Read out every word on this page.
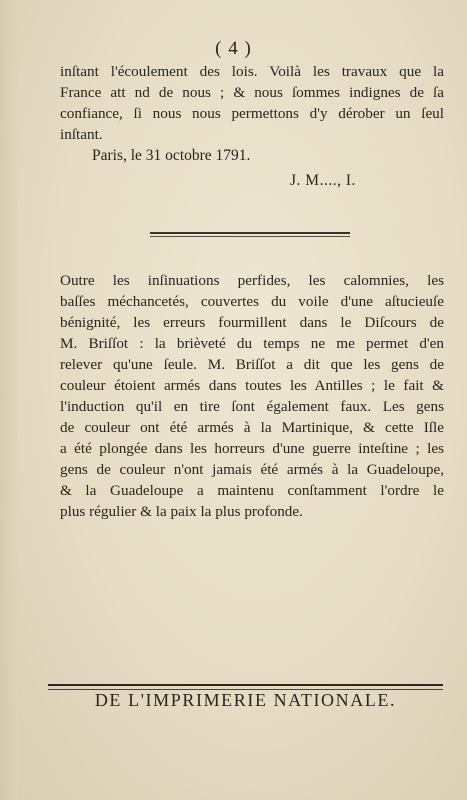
( 4 )

inſtant l'écoulement des lois. Voilà les travaux que la
France att nd de nous ; & nous ſommes indignes de ſa
confiance, ſi nous nous permettons d'y dérober un ſeul
inſtant.

Paris, le 31 octobre 1791.
J. M...., I.

Outre les inſinuations perfides, les calomnies, les
baſſes méchancetés, couvertes du voile d'une aſtucieuſe
bénignité, les erreurs fourmillent dans le Diſcours de
M. Briſſot : la brièveté du temps ne me permet d'en
relever qu'une ſeule. M. Briſſot a dit que les gens de
couleur étoient armés dans toutes les Antilles ; le fait &
l'induction qu'il en tire ſont également faux. Les gens
de couleur ont été armés à la Martinique, & cette Iſle
a été plongée dans les horreurs d'une guerre inteſtine ; les
gens de couleur n'ont jamais été armés à la Guadeloupe,
& la Guadeloupe a maintenu conſtamment l'ordre le
plus régulier & la paix la plus profonde.

DE L'IMPRIMERIE NATIONALE.
